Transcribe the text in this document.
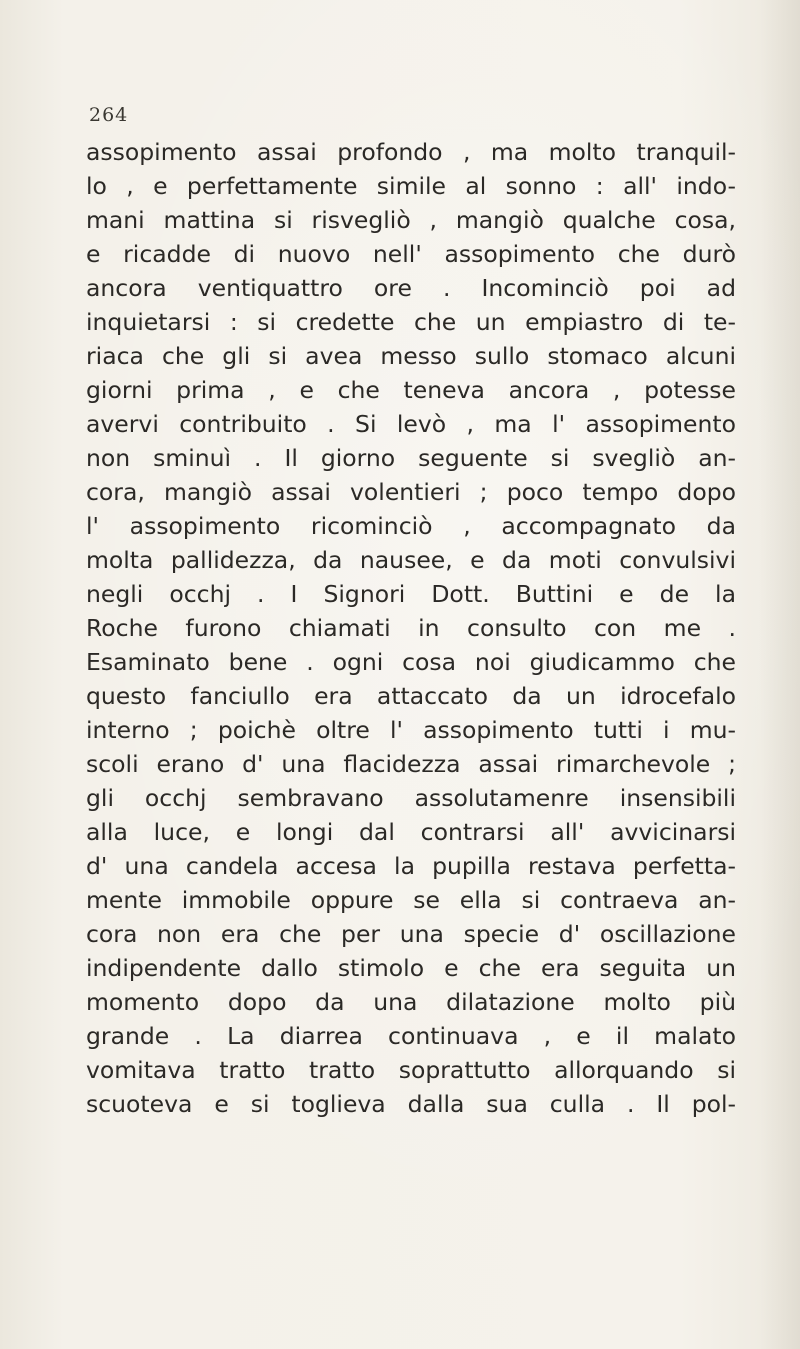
264
assopimento assai profondo , ma molto tranquil-
lo , e perfettamente simile al sonno : all' indo-
mani mattina si risvegliò , mangiò qualche cosa,
e ricadde di nuovo nell' assopimento che durò
ancora ventiquattro ore . Incominciò poi ad
inquietarsi : si credette che un empiastro di te-
riaca che gli si avea messo sullo stomaco alcuni
giorni prima , e che teneva ancora , potesse
avervi contribuito . Si levò , ma l' assopimento
non sminuì . Il giorno seguente si svegliò an-
cora, mangiò assai volentieri ; poco tempo dopo
l' assopimento ricominciò , accompagnato da
molta pallidezza, da nausee, e da moti convulsivi
negli occhj . I Signori Dott. Buttini e de la
Roche furono chiamati in consulto con me .
Esaminato bene . ogni cosa noi giudicammo che
questo fanciullo era attaccato da un idrocefalo
interno ; poichè oltre l' assopimento tutti i mu-
scoli erano d' una flacidezza assai rimarchevole ;
gli occhj sembravano assolutamenre insensibili
alla luce, e longi dal contrarsi all' avvicinarsi
d' una candela accesa la pupilla restava perfetta-
mente immobile oppure se ella si contraeva an-
cora non era che per una specie d' oscillazione
indipendente dallo stimolo e che era seguita un
momento dopo da una dilatazione molto più
grande . La diarrea continuava , e il malato
vomitava tratto tratto soprattutto allorquando si
scuoteva e si toglieva dalla sua culla . Il pol-
